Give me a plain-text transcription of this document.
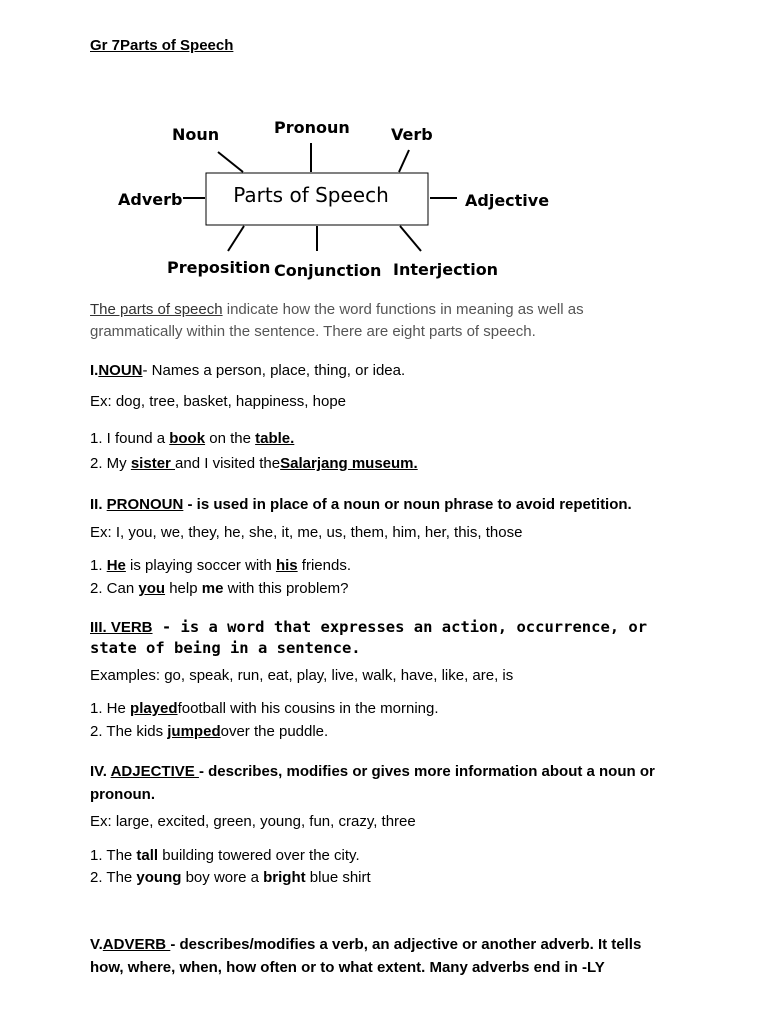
Gr 7Parts of Speech
Parts of Speech
Noun	Pronoun	Verb
Adverb	Adjective
Preposition Conjunction Interjection
The parts of speech indicate how the word functions in meaning as well as
grammatically within the sentence. There are eight parts of speech.
I.NOUN- Names a person, place, thing, or idea.
Ex: dog, tree, basket, happiness, hope
1. I found a book on the table.
2. My sister and I visited theSalarjang museum.
II. PRONOUN - is used in place of a noun or noun phrase to avoid repetition.
Ex: I, you, we, they, he, she, it, me, us, them, him, her, this, those
1. He is playing soccer with his friends.
2. Can you help me with this problem?
III. VERB - is a word that expresses an action, occurrence, or
state of being in a sentence.
Examples: go, speak, run, eat, play, live, walk, have, like, are, is
1. He playedfootball with his cousins in the morning.
2. The kids jumpedover the puddle.
IV. ADJECTIVE - describes, modifies or gives more information about a noun or
pronoun.
Ex: large, excited, green, young, fun, crazy, three
1. The tall building towered over the city.
2. The young boy wore a bright blue shirt
V.ADVERB - describes/modifies a verb, an adjective or another adverb. It tells
how, where, when, how often or to what extent. Many adverbs end in -LY
